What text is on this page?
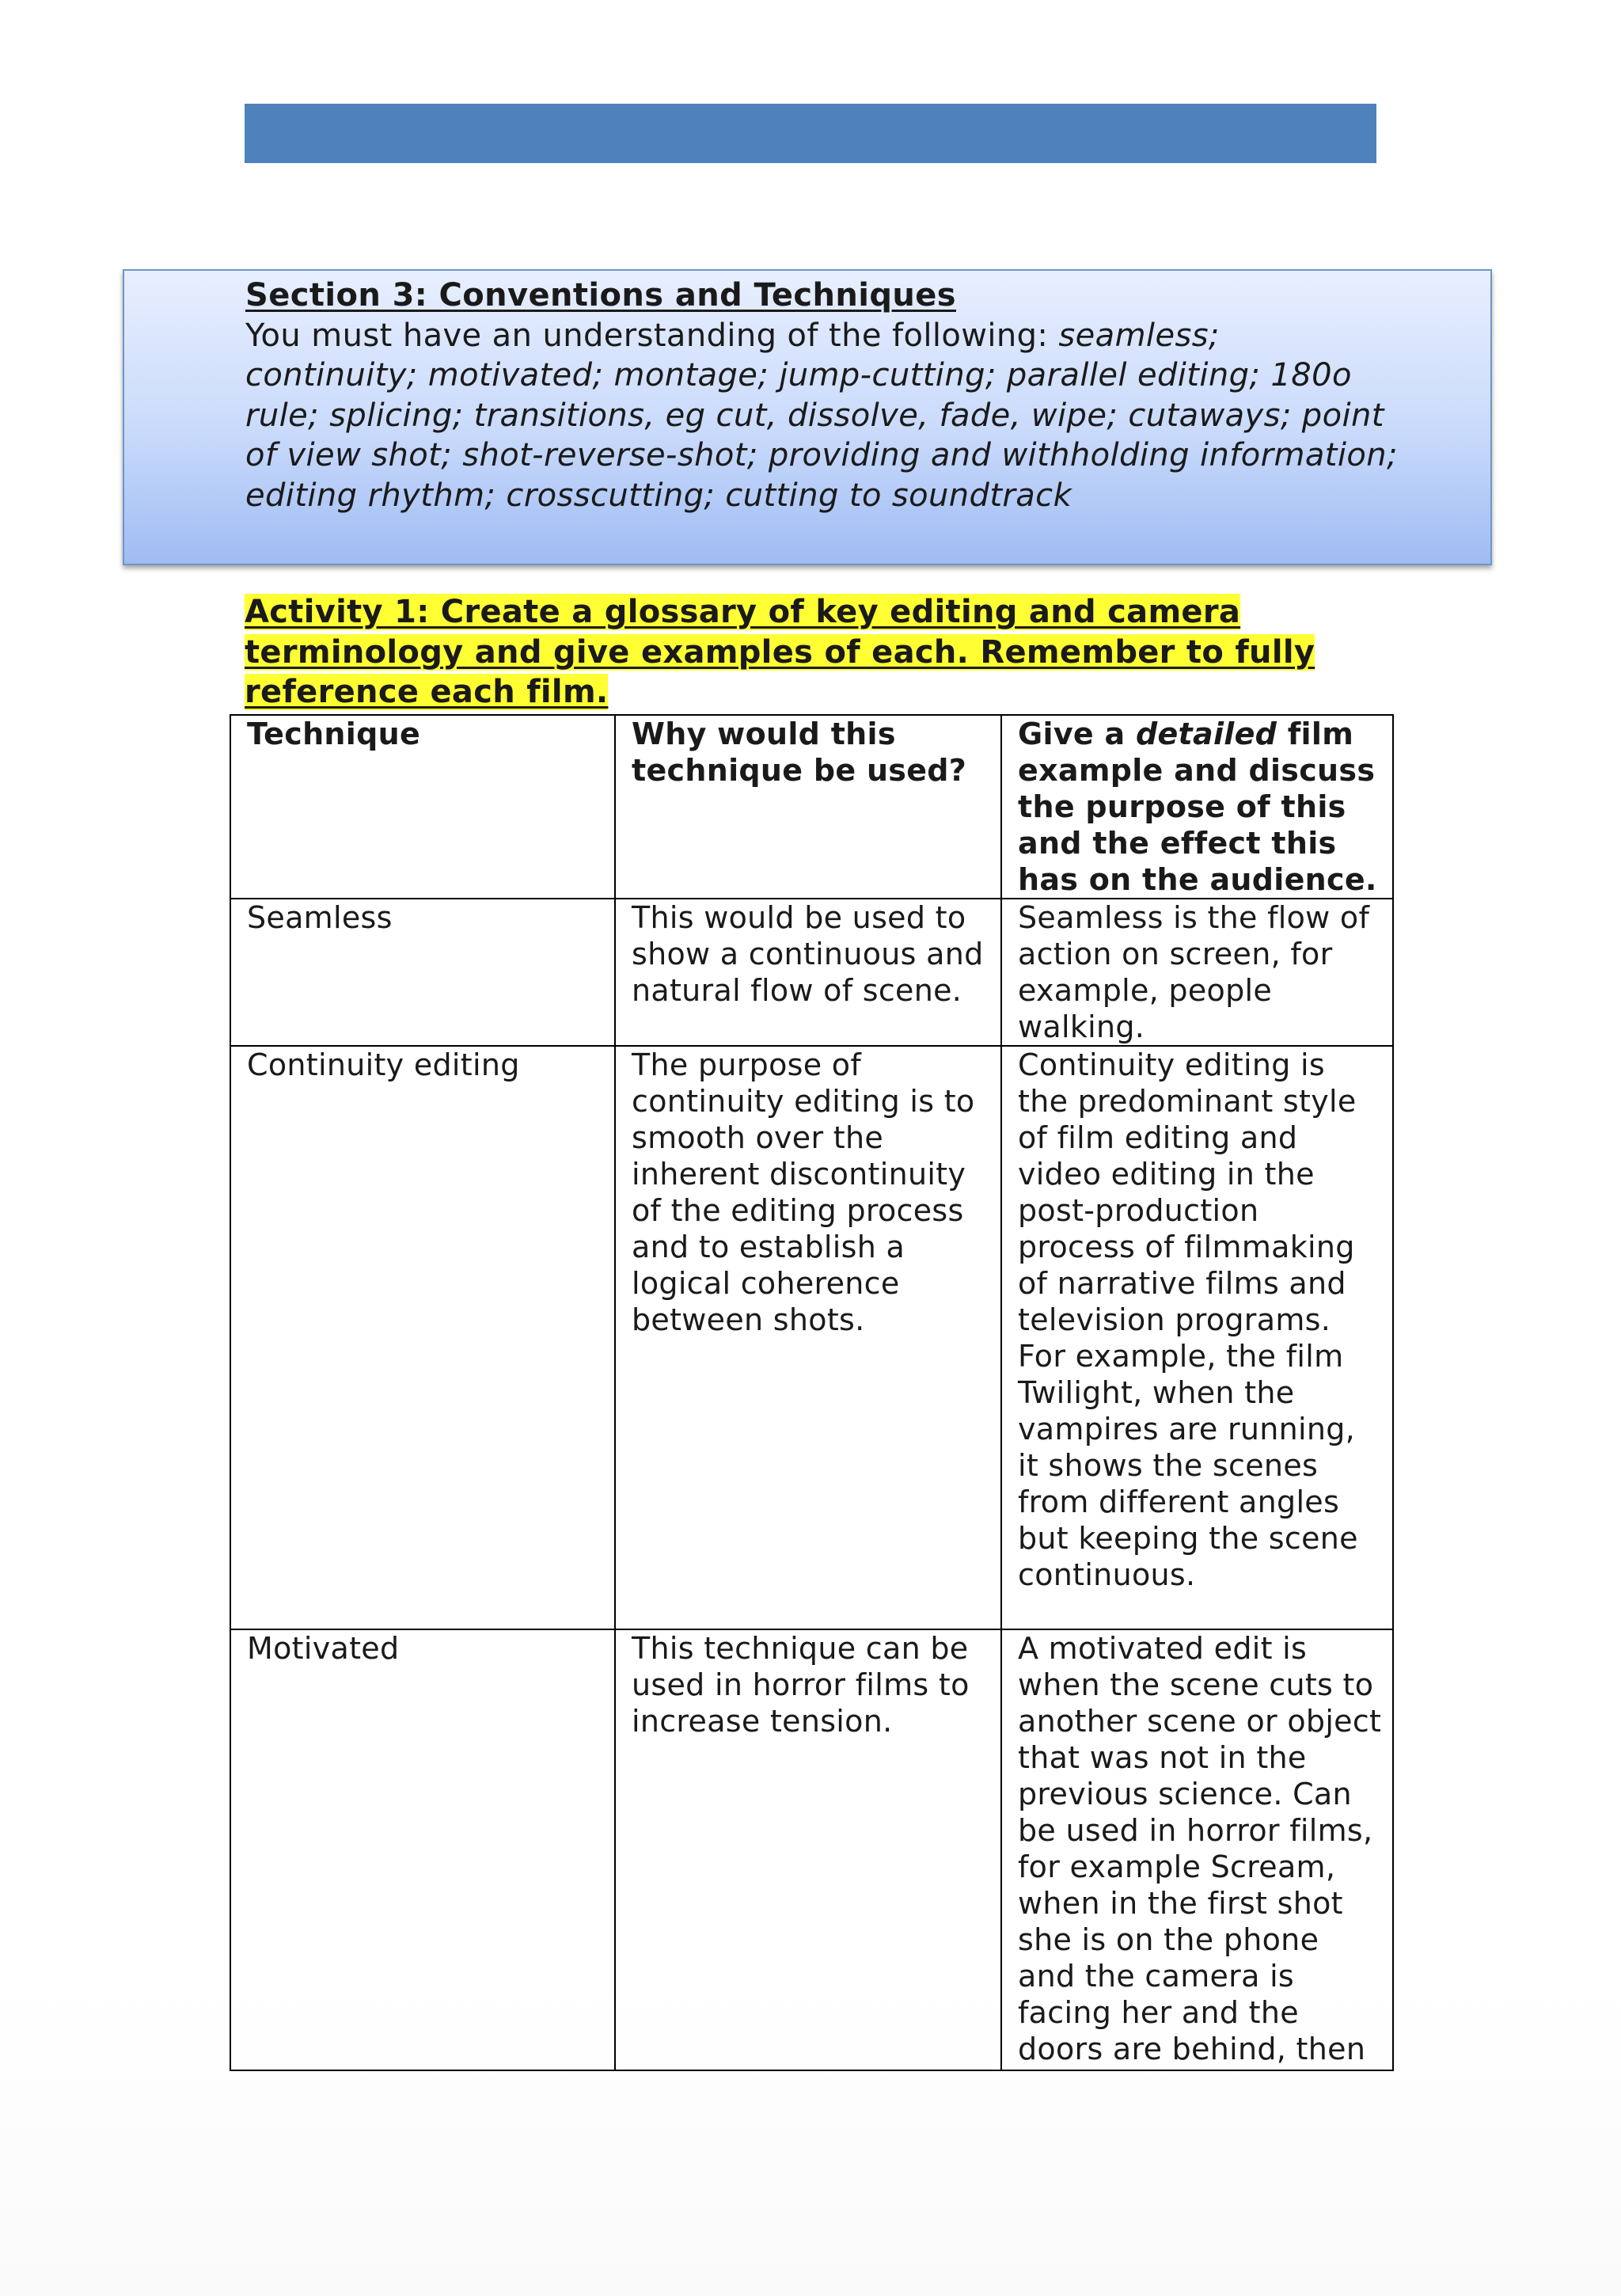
Section 3: Conventions and Techniques
You must have an understanding of the following: seamless; continuity; motivated; montage; jump-cutting; parallel editing; 180o rule; splicing; transitions, eg cut, dissolve, fade, wipe; cutaways; point of view shot; shot-reverse-shot; providing and withholding information; editing rhythm; crosscutting; cutting to soundtrack
Activity 1: Create a glossary of key editing and camera terminology and give examples of each. Remember to fully reference each film.
Technique	Why would this technique be used?	Give a detailed film example and discuss the purpose of this and the effect this has on the audience.
Seamless	This would be used to show a continuous and natural flow of scene.	Seamless is the flow of action on screen, for example, people walking.
Continuity editing	The purpose of continuity editing is to smooth over the inherent discontinuity of the editing process and to establish a logical coherence between shots.	Continuity editing is the predominant style of film editing and video editing in the post-production process of filmmaking of narrative films and television programs. For example, the film Twilight, when the vampires are running, it shows the scenes from different angles but keeping the scene continuous.
Motivated	This technique can be used in horror films to increase tension.	A motivated edit is when the scene cuts to another scene or object that was not in the previous science. Can be used in horror films, for example Scream, when in the first shot she is on the phone and the camera is facing her and the doors are behind, then
